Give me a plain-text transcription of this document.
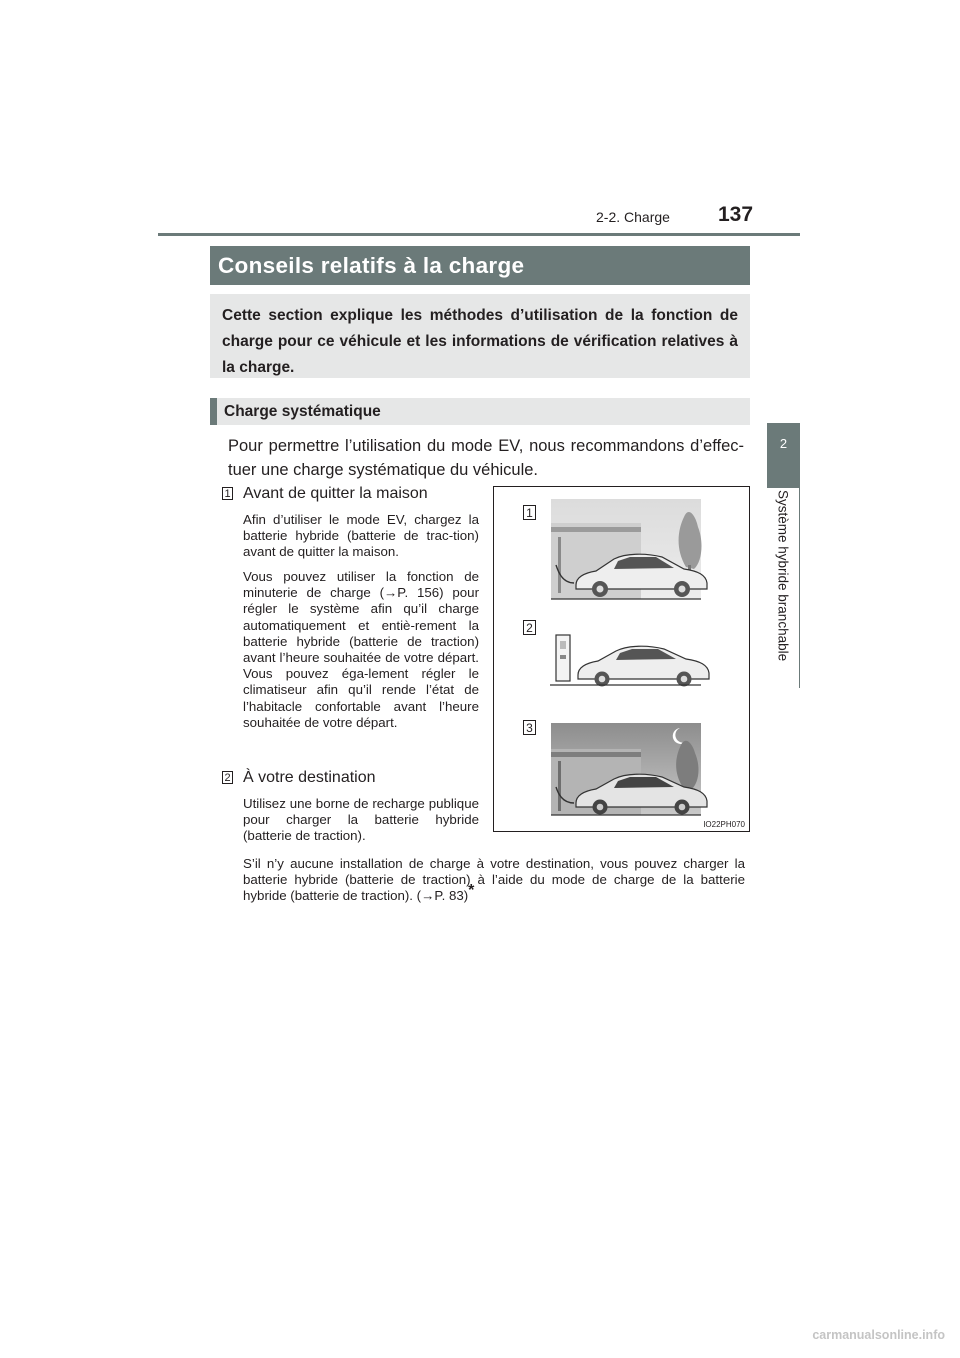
2-2. Charge 137
2
Système hybride branchable
Conseils relatifs à la charge
Cette section explique les méthodes d’utilisation de la fonction de charge pour ce véhicule et les informations de vérification relatives à la charge.
Charge systématique
Pour permettre l’utilisation du mode EV, nous recommandons d’effec-tuer une charge systématique du véhicule.
1 Avant de quitter la maison
Afin d’utiliser le mode EV, chargez la batterie hybride (batterie de trac-tion) avant de quitter la maison.
Vous pouvez utiliser la fonction de minuterie de charge (→P. 156) pour régler le système afin qu’il charge automatiquement et entiè-rement la batterie hybride (batterie de traction) avant l’heure souhaitée de votre départ. Vous pouvez éga-lement régler le climatiseur afin qu’il rende l’état de l’habitacle confortable avant l’heure souhaitée de votre départ.
2 À votre destination
Utilisez une borne de recharge publique pour charger la batterie hybride (batterie de traction).
1
2
3
IO22PH070
S’il n’y aucune installation de charge à votre destination, vous pouvez charger la batterie hybride (batterie de traction) à l’aide du mode de charge de la batterie hybride (batterie de traction). (→P. 83)*
carmanualsonline.info
